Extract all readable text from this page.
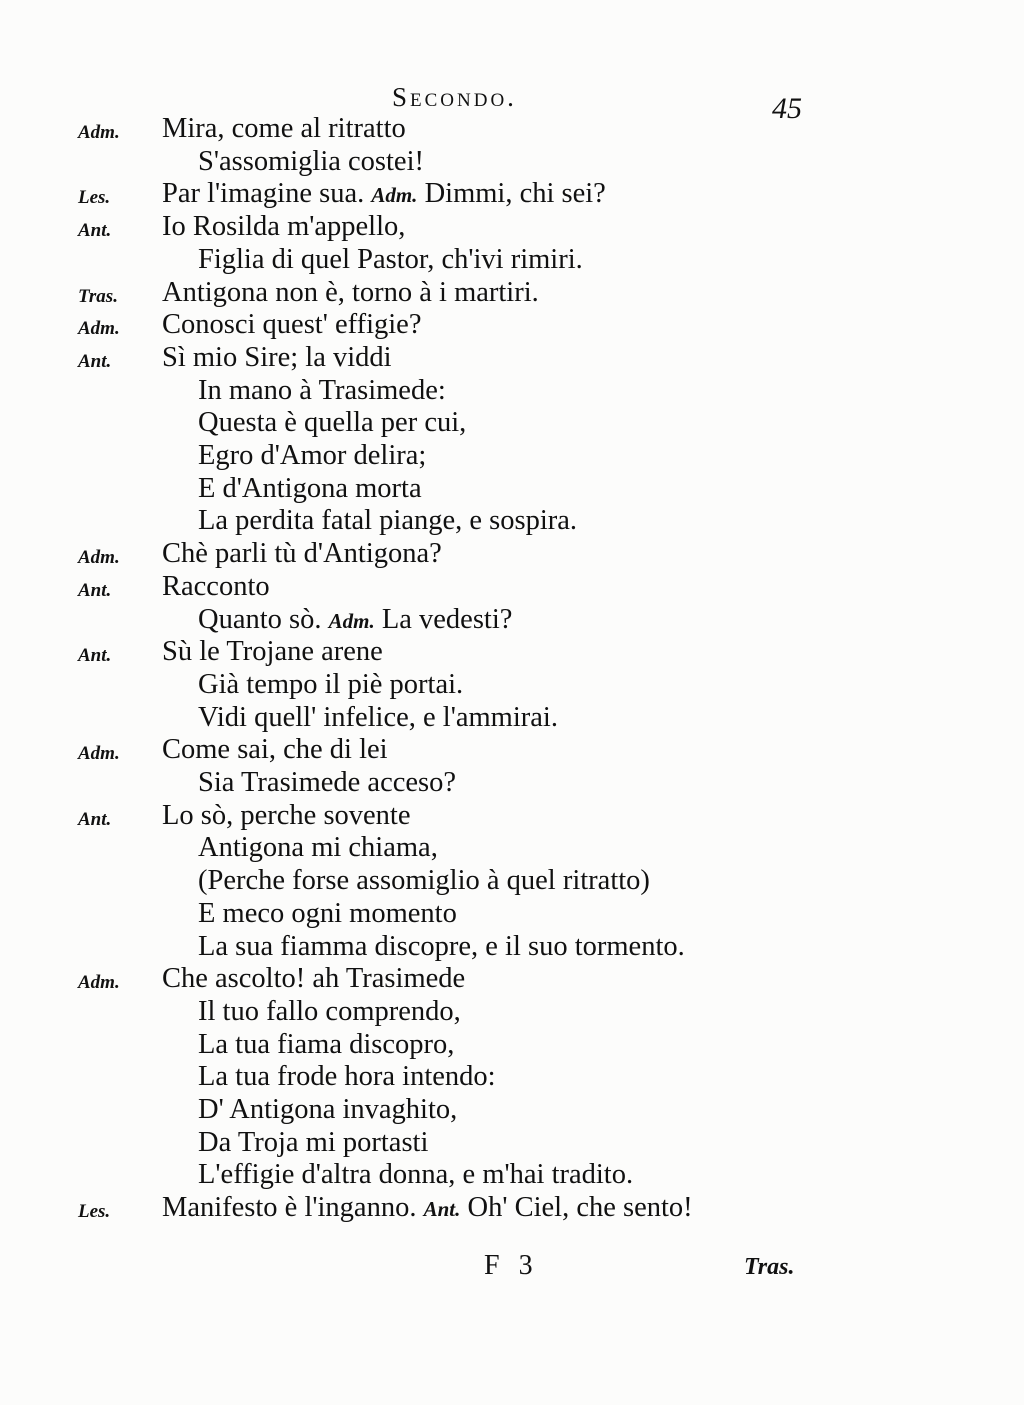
Secondo.	45
Adm. Mira, come al ritratto
S'assomiglia costei!
Les. Par l'imagine sua. Adm. Dimmi, chi sei?
Ant. Io Rosilda m'appello,
Figlia di quel Pastor, ch'ivi rimiri.
Tras. Antigona non è, torno à i martiri.
Adm. Conosci quest' effigie?
Ant. Sì mio Sire; la viddi
In mano à Trasimede:
Questa è quella per cui,
Egro d'Amor delira;
E d'Antigona morta
La perdita fatal piange, e sospira.
Adm. Chè parli tù d'Antigona?
Ant. Racconto
Quanto sò. Adm. La vedesti?
Ant. Sù le Trojane arene
Già tempo il piè portai.
Vidi quell' infelice, e l'ammirai.
Adm. Come sai, che di lei
Sia Trasimede acceso?
Ant. Lo sò, perche sovente
Antigona mi chiama,
(Perche forse assomiglio à quel ritratto)
E meco ogni momento
La sua fiamma discopre, e il suo tormento.
Adm. Che ascolto! ah Trasimede
Il tuo fallo comprendo,
La tua fiama discopro,
La tua frode hora intendo:
D' Antigona invaghito,
Da Troja mi portasti
L'effigie d'altra donna, e m'hai tradito.
Les. Manifesto è l'inganno. Ant. Oh' Ciel, che sento!
F 3	Tras.
